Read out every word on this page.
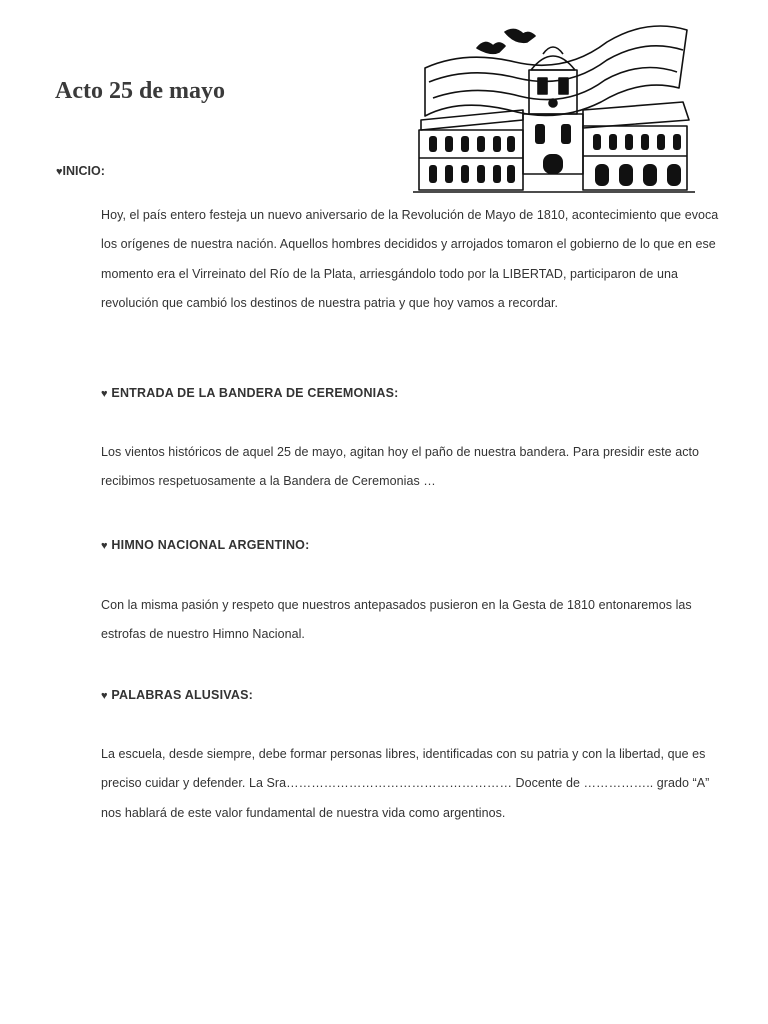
Acto 25 de mayo
♥INICIO:

Hoy, el país entero festeja un nuevo aniversario de la Revolución de Mayo de 1810, acontecimiento que evoca los orígenes de nuestra nación. Aquellos hombres decididos y arrojados tomaron el gobierno de lo que en ese momento era el Virreinato del Río de la Plata, arriesgándolo todo por la LIBERTAD, participaron de una revolución que cambió los destinos de nuestra patria y que hoy vamos a recordar.

♥ ENTRADA DE LA BANDERA DE CEREMONIAS:

Los vientos históricos de aquel 25 de mayo, agitan hoy el paño de nuestra bandera. Para presidir este acto recibimos respetuosamente a la Bandera de Ceremonias …

♥ HIMNO NACIONAL ARGENTINO:

Con la misma pasión y respeto que nuestros antepasados pusieron en la Gesta de 1810 entonaremos las estrofas de nuestro Himno Nacional.

♥ PALABRAS ALUSIVAS:

La escuela, desde siempre, debe formar personas libres, identificadas con su patria y con la libertad, que es preciso cuidar y defender. La Sra……………………………………………… Docente de …………….. grado “A” nos hablará de este valor fundamental de nuestra vida como argentinos.
